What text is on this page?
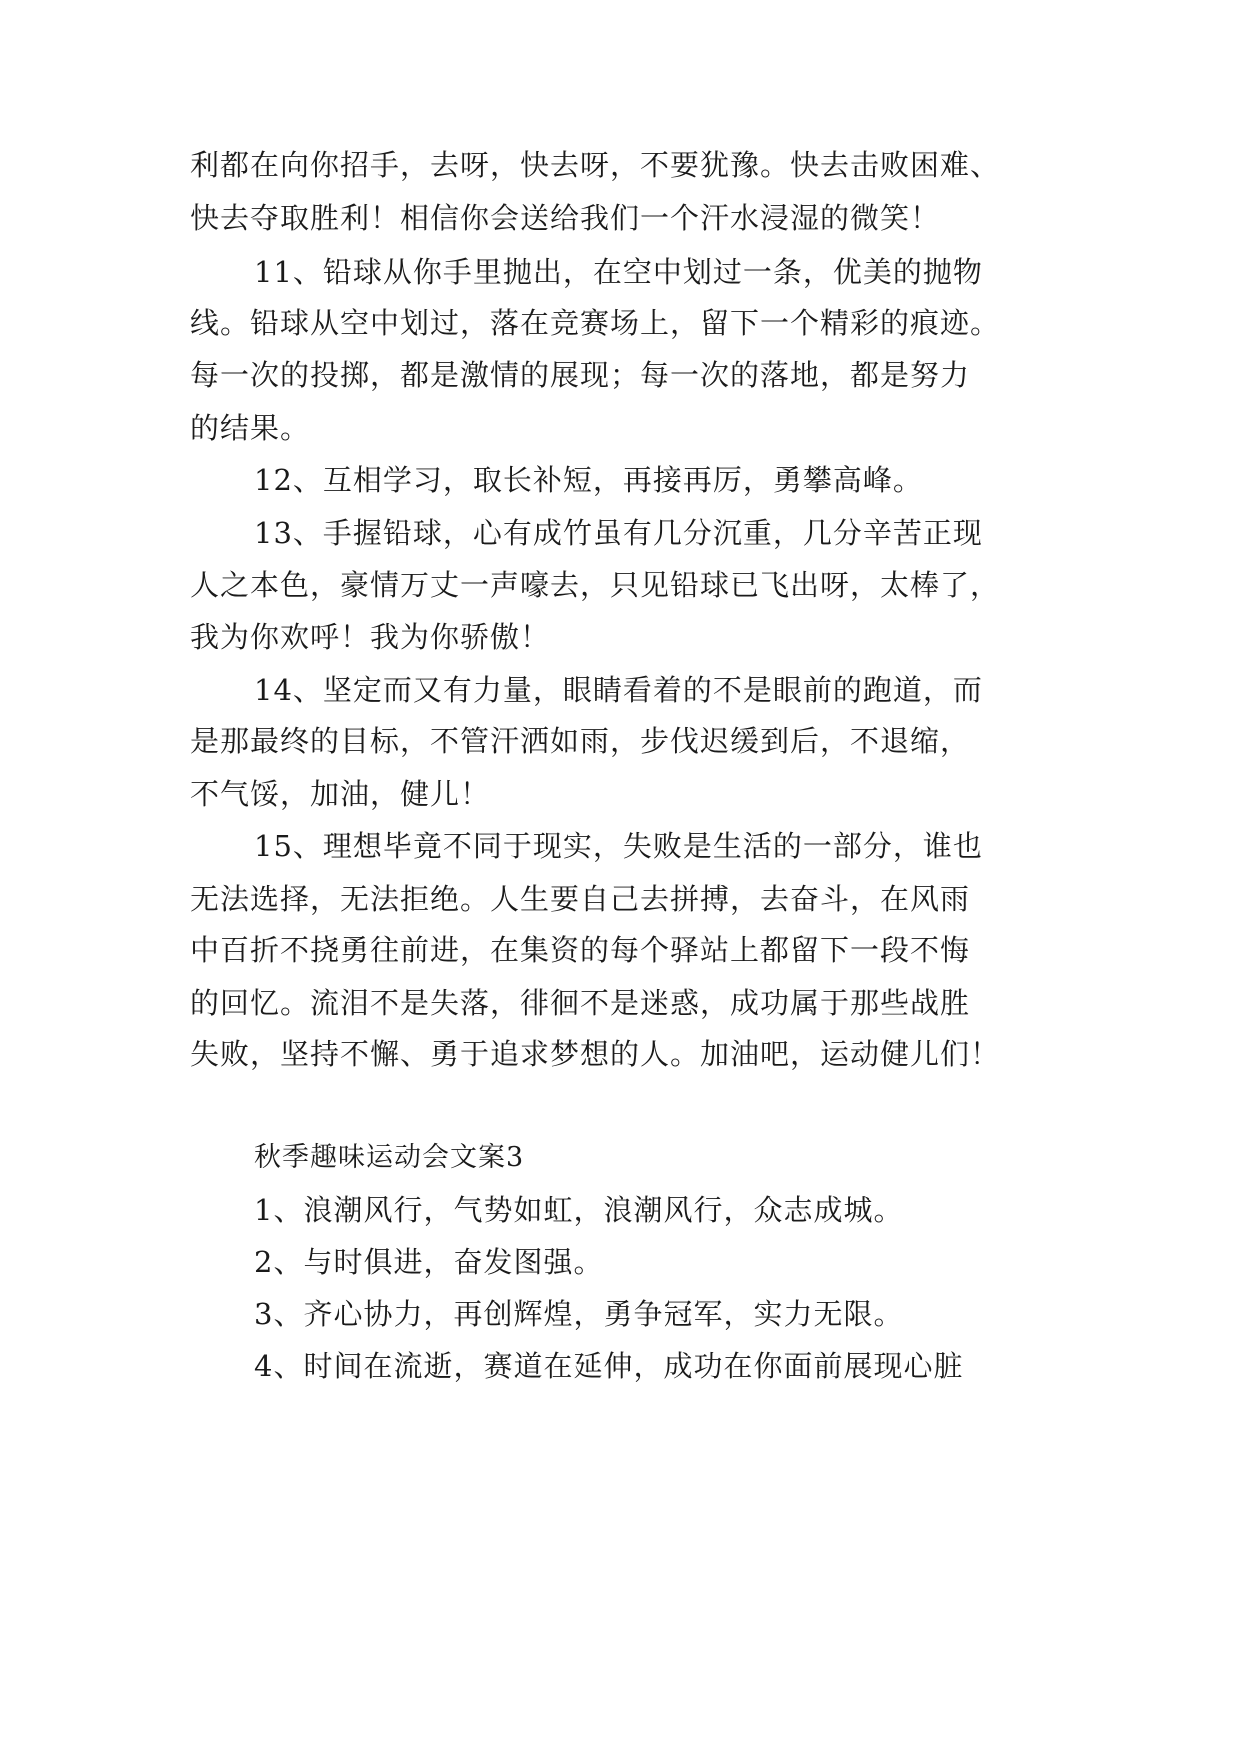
利都在向你招手，去呀，快去呀，不要犹豫。快去击败困难、
快去夺取胜利！相信你会送给我们一个汗水浸湿的微笑！
11、铅球从你手里抛出，在空中划过一条，优美的抛物
线。铅球从空中划过，落在竞赛场上，留下一个精彩的痕迹。
每一次的投掷，都是激情的展现；每一次的落地，都是努力
的结果。
12、互相学习，取长补短，再接再厉，勇攀高峰。
13、手握铅球，心有成竹虽有几分沉重，几分辛苦正现
人之本色，豪情万丈一声嚎去，只见铅球已飞出呀，太棒了，
我为你欢呼！我为你骄傲！
14、坚定而又有力量，眼睛看着的不是眼前的跑道，而
是那最终的目标，不管汗洒如雨，步伐迟缓到后，不退缩，
不气馁，加油，健儿！
15、理想毕竟不同于现实，失败是生活的一部分，谁也
无法选择，无法拒绝。人生要自己去拼搏，去奋斗，在风雨
中百折不挠勇往前进，在集资的每个驿站上都留下一段不悔
的回忆。流泪不是失落，徘徊不是迷惑，成功属于那些战胜
失败，坚持不懈、勇于追求梦想的人。加油吧，运动健儿们！
秋季趣味运动会文案3
1、浪潮风行，气势如虹，浪潮风行，众志成城。
2、与时俱进，奋发图强。
3、齐心协力，再创辉煌，勇争冠军，实力无限。
4、时间在流逝，赛道在延伸，成功在你面前展现心脏
